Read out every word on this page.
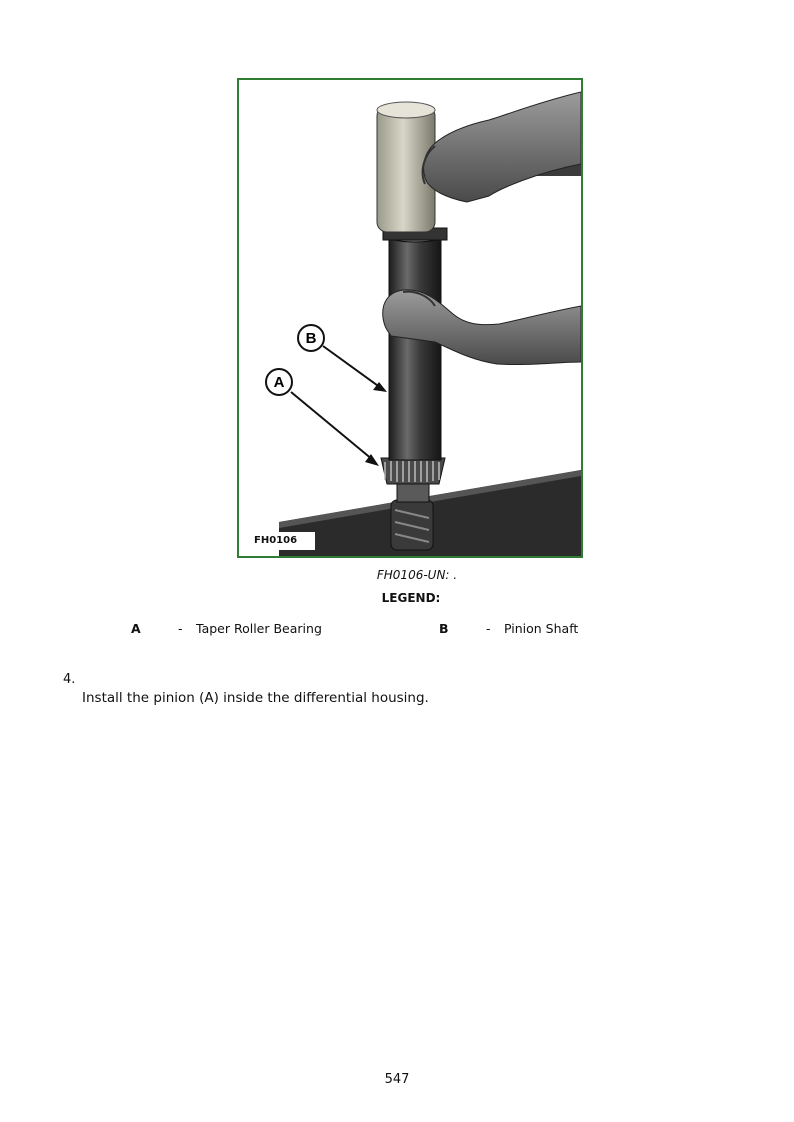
B
A
FH0106
FH0106-UN: .
LEGEND:
A	- Taper Roller Bearing	B	- Pinion Shaft
4.
Install the pinion (A) inside the differential housing.
547
